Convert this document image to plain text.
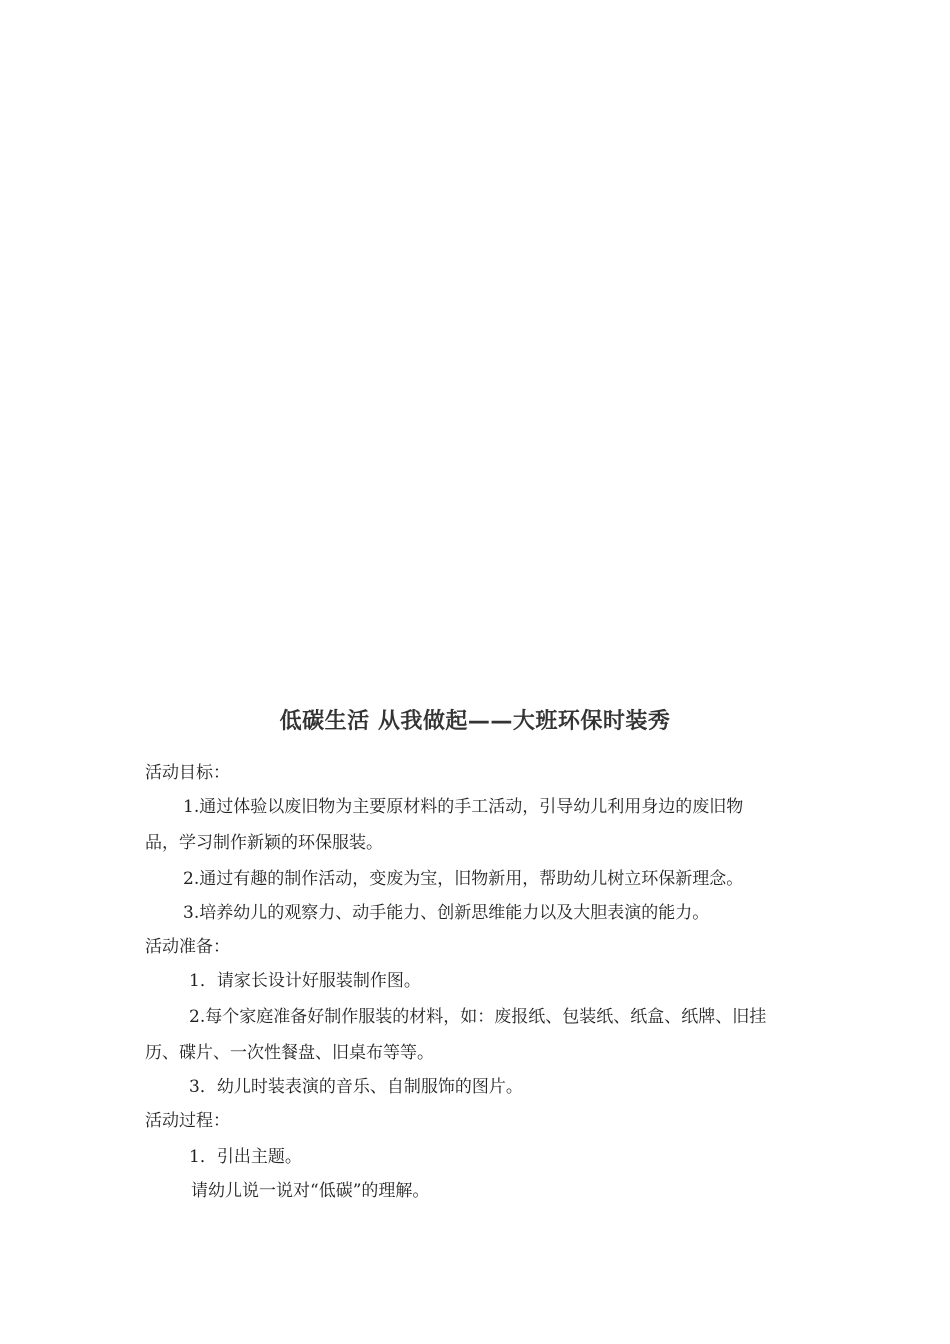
低碳生活 从我做起——大班环保时装秀
活动目标：
1.通过体验以废旧物为主要原材料的手工活动，引导幼儿利用身边的废旧物
品，学习制作新颖的环保服装。
2.通过有趣的制作活动，变废为宝，旧物新用，帮助幼儿树立环保新理念。
3.培养幼儿的观察力、动手能力、创新思维能力以及大胆表演的能力。
活动准备：
1．请家长设计好服装制作图。
2.每个家庭准备好制作服装的材料，如：废报纸、包装纸、纸盒、纸牌、旧挂
历、碟片、一次性餐盘、旧桌布等等。
3．幼儿时装表演的音乐、自制服饰的图片。
活动过程：
1．引出主题。
请幼儿说一说对“低碳”的理解。
